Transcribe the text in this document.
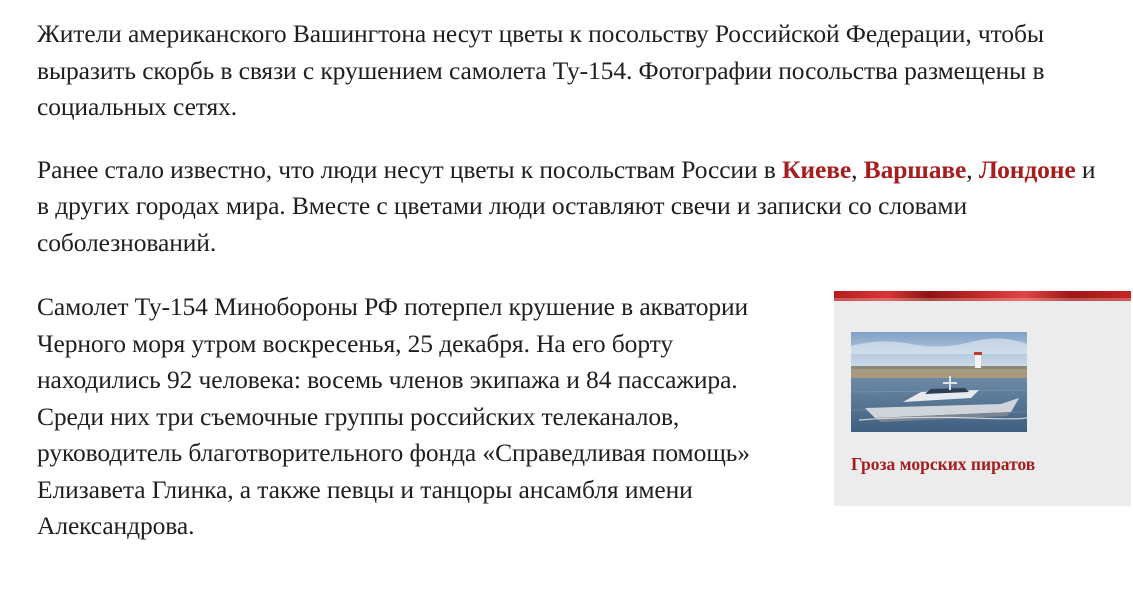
Жители американского Вашингтона несут цветы к посольству Российской Федерации, чтобы выразить скорбь в связи с крушением самолета Ту-154. Фотографии посольства размещены в социальных сетях.

Ранее стало известно, что люди несут цветы к посольствам России в Киеве, Варшаве, Лондоне и в других городах мира. Вместе с цветами люди оставляют свечи и записки со словами соболезнований.

Самолет Ту-154 Минобороны РФ потерпел крушение в акватории Черного моря утром воскресенья, 25 декабря. На его борту находились 92 человека: восемь членов экипажа и 84 пассажира. Среди них три съемочные группы российских телеканалов, руководитель благотворительного фонда «Справедливая помощь» Елизавета Глинка, а также певцы и танцоры ансамбля имени Александрова.

Гроза морских пиратов
